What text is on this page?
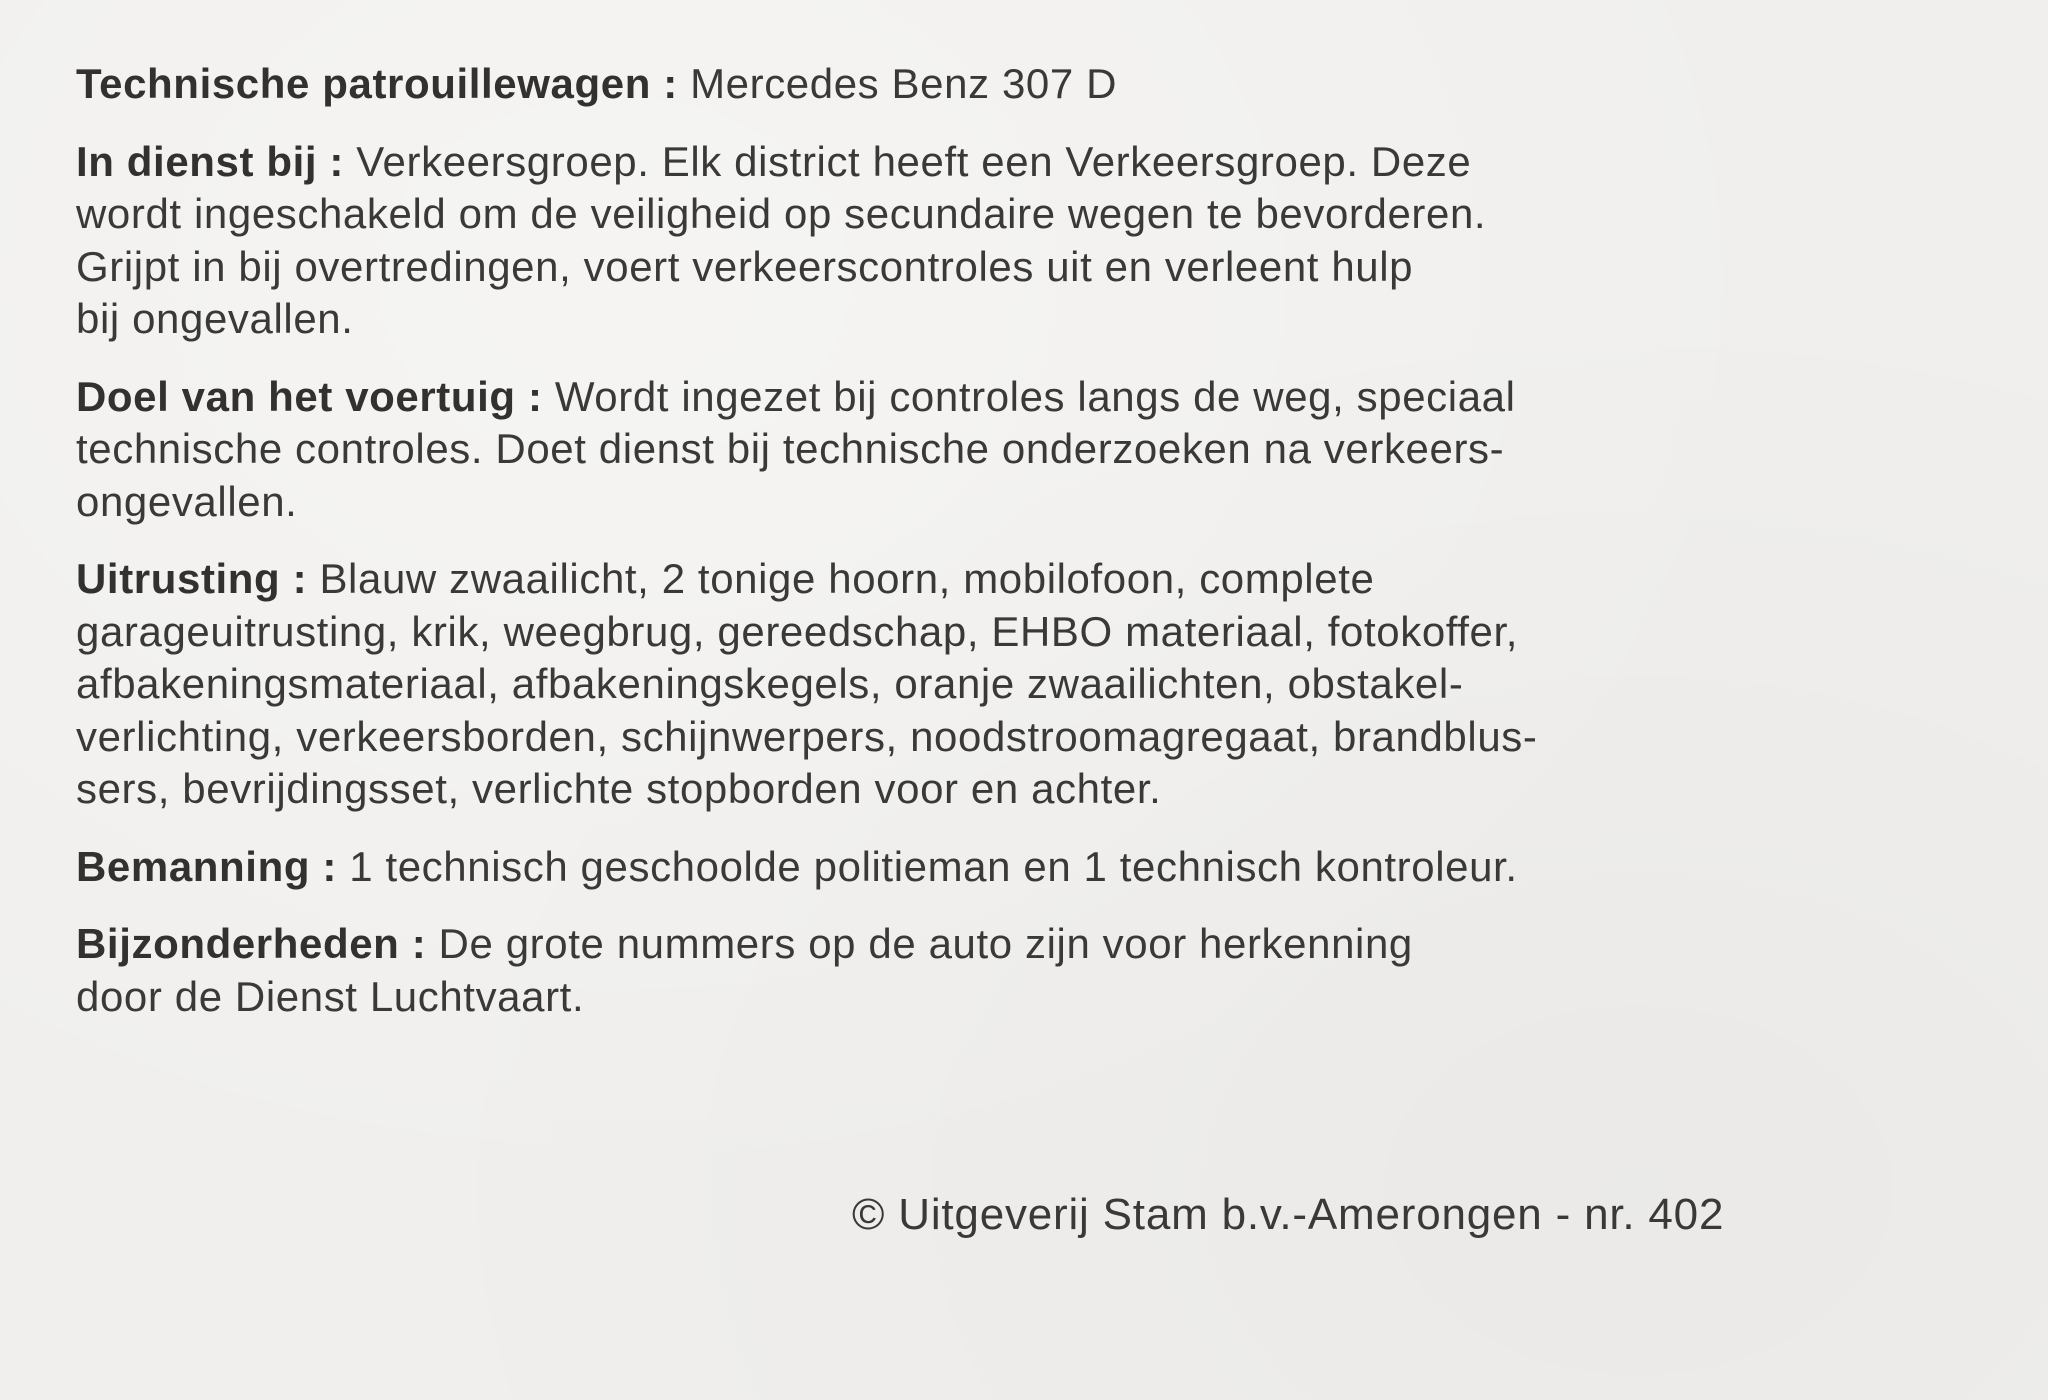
Technische patrouillewagen : Mercedes Benz 307 D

In dienst bij : Verkeersgroep. Elk district heeft een Verkeersgroep. Deze
wordt ingeschakeld om de veiligheid op secundaire wegen te bevorderen.
Grijpt in bij overtredingen, voert verkeerscontroles uit en verleent hulp
bij ongevallen.

Doel van het voertuig : Wordt ingezet bij controles langs de weg, speciaal
technische controles. Doet dienst bij technische onderzoeken na verkeers-
ongevallen.

Uitrusting : Blauw zwaailicht, 2 tonige hoorn, mobilofoon, complete
garageuitrusting, krik, weegbrug, gereedschap, EHBO materiaal, fotokoffer,
afbakeningsmateriaal, afbakeningskegels, oranje zwaailichten, obstakel-
verlichting, verkeersborden, schijnwerpers, noodstroomagregaat, brandblus-
sers, bevrijdingsset, verlichte stopborden voor en achter.

Bemanning : 1 technisch geschoolde politieman en 1 technisch kontroleur.

Bijzonderheden : De grote nummers op de auto zijn voor herkenning
door de Dienst Luchtvaart.

© Uitgeverij Stam b.v.-Amerongen - nr. 402
